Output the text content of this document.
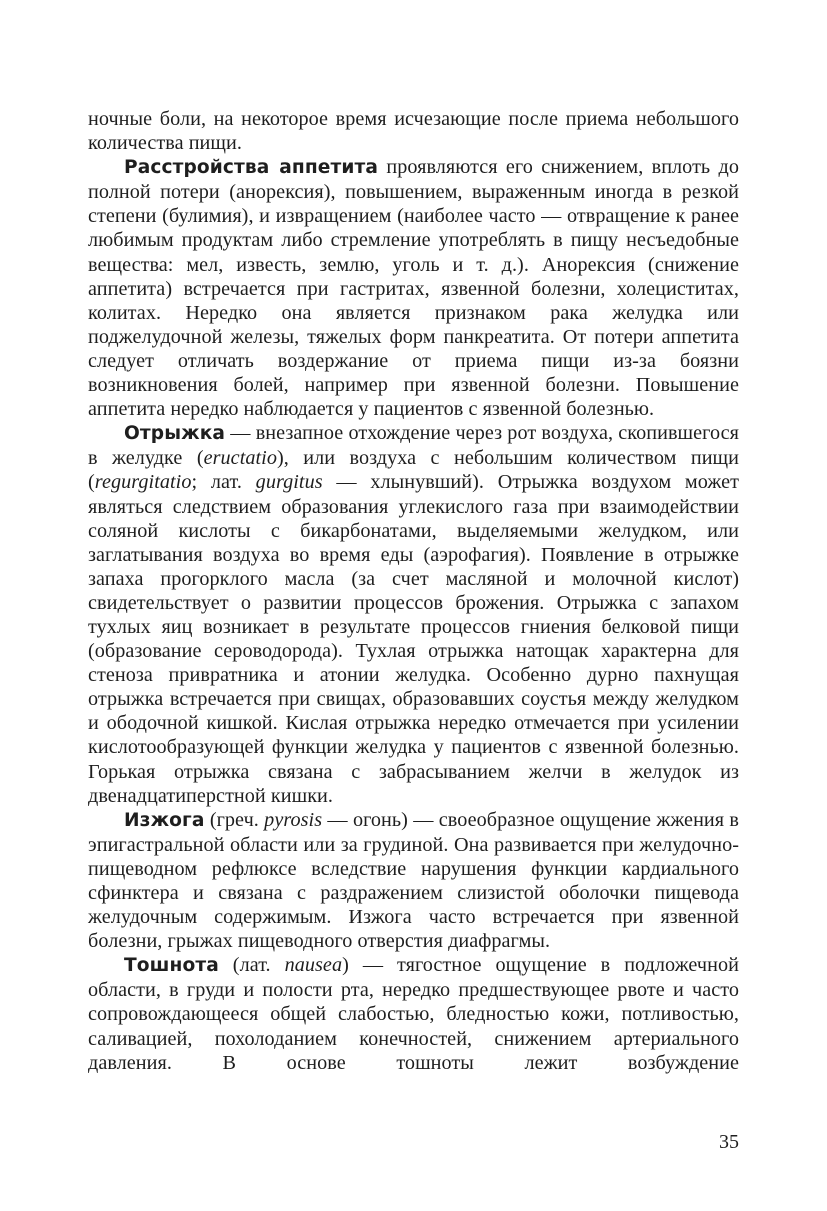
ночные боли, на некоторое время исчезающие после приема небольшого количества пищи.

Расстройства аппетита проявляются его снижением, вплоть до полной потери (анорексия), повышением, выраженным иногда в резкой степени (булимия), и извращением (наиболее часто — отвращение к ранее любимым продуктам либо стремление употреблять в пищу несъедобные вещества: мел, известь, землю, уголь и т. д.). Анорексия (снижение аппетита) встречается при гастритах, язвенной болезни, холециститах, колитах. Нередко она является признаком рака желудка или поджелудочной железы, тяжелых форм панкреатита. От потери аппетита следует отличать воздержание от приема пищи из-за боязни возникновения болей, например при язвенной болезни. Повышение аппетита нередко наблюдается у пациентов с язвенной болезнью.

Отрыжка — внезапное отхождение через рот воздуха, скопившегося в желудке (eructatio), или воздуха с небольшим количеством пищи (regurgitatio; лат. gurgitus — хлынувший). Отрыжка воздухом может являться следствием образования углекислого газа при взаимодействии соляной кислоты с бикарбонатами, выделяемыми желудком, или заглатывания воздуха во время еды (аэрофагия). Появление в отрыжке запаха прогорклого масла (за счет масляной и молочной кислот) свидетельствует о развитии процессов брожения. Отрыжка с запахом тухлых яиц возникает в результате процессов гниения белковой пищи (образование сероводорода). Тухлая отрыжка натощак характерна для стеноза привратника и атонии желудка. Особенно дурно пахнущая отрыжка встречается при свищах, образовавших соустья между желудком и ободочной кишкой. Кислая отрыжка нередко отмечается при усилении кислотообразующей функции желудка у пациентов с язвенной болезнью. Горькая отрыжка связана с забрасыванием желчи в желудок из двенадцатиперстной кишки.

Изжога (греч. pyrosis — огонь) — своеобразное ощущение жжения в эпигастральной области или за грудиной. Она развивается при желудочно-пищеводном рефлюксе вследствие нарушения функции кардиального сфинктера и связана с раздражением слизистой оболочки пищевода желудочным содержимым. Изжога часто встречается при язвенной болезни, грыжах пищеводного отверстия диафрагмы.

Тошнота (лат. nausea) — тягостное ощущение в подложечной области, в груди и полости рта, нередко предшествующее рвоте и часто сопровождающееся общей слабостью, бледностью кожи, потливостью, саливацией, похолоданием конечностей, снижением артериального давления. В основе тошноты лежит возбуждение

35
